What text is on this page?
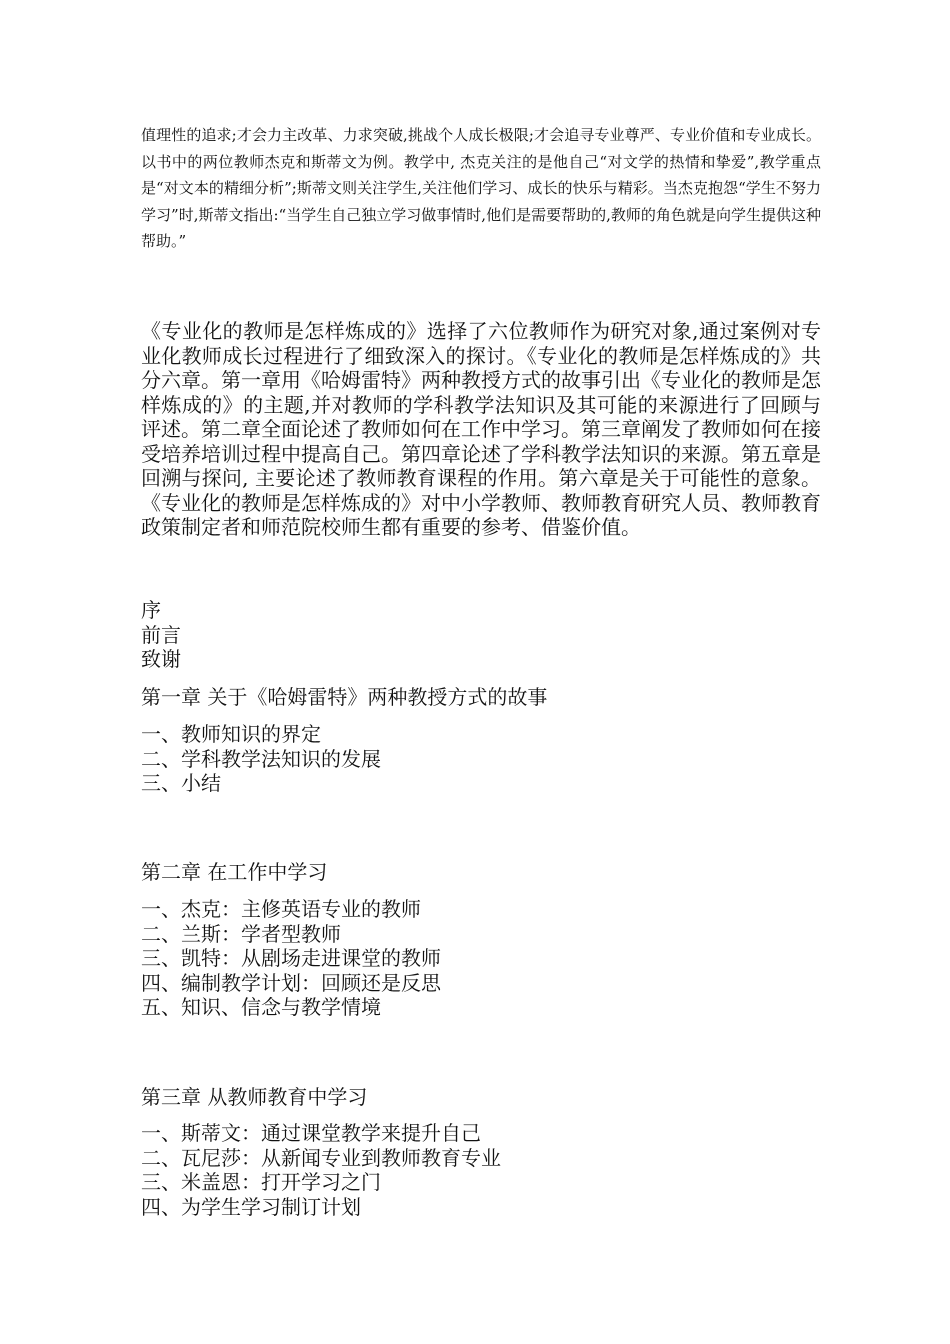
值理性的追求;才会力主改革、力求突破,挑战个人成长极限;才会追寻专业尊严、专业价值和专业成长。以书中的两位教师杰克和斯蒂文为例。教学中, 杰克关注的是他自己“对文学的热情和挚爱”,教学重点是“对文本的精细分析”;斯蒂文则关注学生,关注他们学习、成长的快乐与精彩。当杰克抱怨“学生不努力学习”时,斯蒂文指出:“当学生自己独立学习做事情时,他们是需要帮助的,教师的角色就是向学生提供这种帮助。”

《专业化的教师是怎样炼成的》选择了六位教师作为研究对象,通过案例对专业化教师成长过程进行了细致深入的探讨。《专业化的教师是怎样炼成的》共分六章。第一章用《哈姆雷特》两种教授方式的故事引出《专业化的教师是怎样炼成的》的主题,并对教师的学科教学法知识及其可能的来源进行了回顾与评述。第二章全面论述了教师如何在工作中学习。第三章阐发了教师如何在接受培养培训过程中提高自己。第四章论述了学科教学法知识的来源。第五章是回溯与探问, 主要论述了教师教育课程的作用。第六章是关于可能性的意象。《专业化的教师是怎样炼成的》对中小学教师、教师教育研究人员、教师教育政策制定者和师范院校师生都有重要的参考、借鉴价值。

序
前言
致谢
第一章 关于《哈姆雷特》两种教授方式的故事
一、教师知识的界定
二、学科教学法知识的发展
三、小结
第二章 在工作中学习
一、杰克：主修英语专业的教师
二、兰斯：学者型教师
三、凯特：从剧场走进课堂的教师
四、编制教学计划：回顾还是反思
五、知识、信念与教学情境
第三章 从教师教育中学习
一、斯蒂文：通过课堂教学来提升自己
二、瓦尼莎：从新闻专业到教师教育专业
三、米盖恩：打开学习之门
四、为学生学习制订计划
